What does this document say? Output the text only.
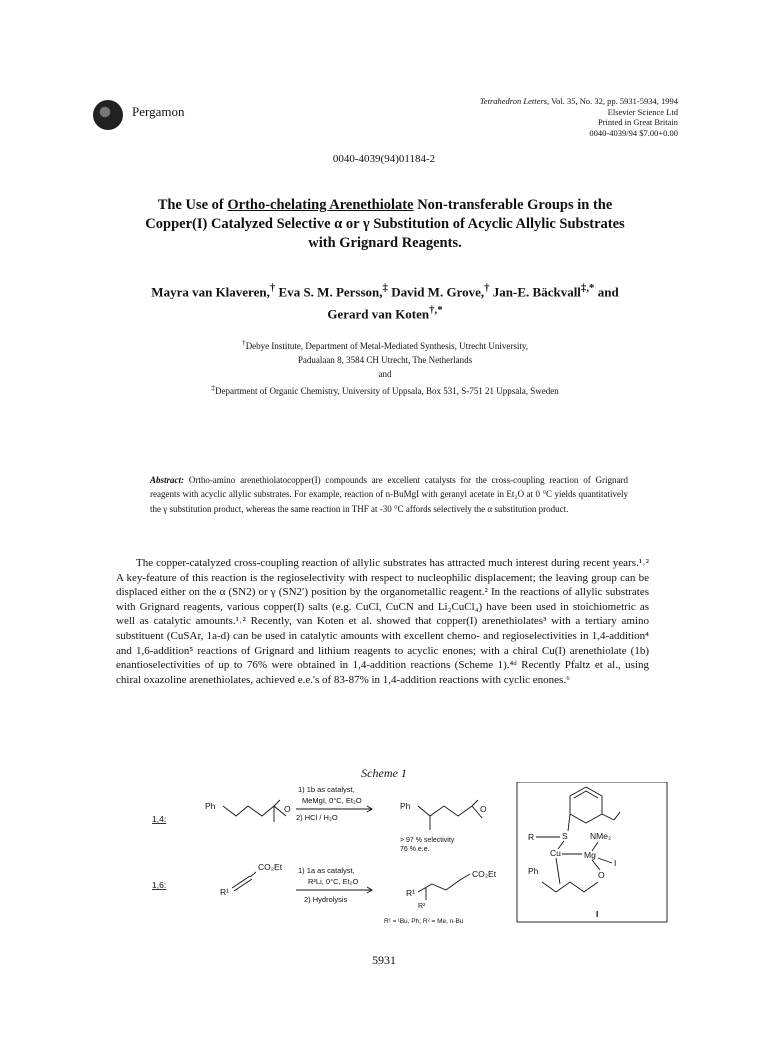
Pergamon
Tetrahedron Letters, Vol. 35, No. 32, pp. 5931-5934, 1994
Elsevier Science Ltd
Printed in Great Britain
0040-4039/94 $7.00+0.00
0040-4039(94)01184-2
The Use of Ortho-chelating Arenethiolate Non-transferable Groups in the
Copper(I) Catalyzed Selective α or γ Substitution of Acyclic Allylic Substrates
with Grignard Reagents.
Mayra van Klaveren,† Eva S. M. Persson,‡ David M. Grove,† Jan-E. Bäckvall‡,* and
Gerard van Koten†,*
†Debye Institute, Department of Metal-Mediated Synthesis, Utrecht University,
Padualaan 8, 3584 CH Utrecht, The Netherlands
and
‡Department of Organic Chemistry, University of Uppsala, Box 531, S-751 21 Uppsala, Sweden
Abstract: Ortho-amino arenethiolatocopper(I) compounds are excellent catalysts for the cross-coupling reaction of Grignard reagents with acyclic allylic substrates. For example, reaction of n-BuMgI with geranyl acetate in Et₂O at 0 °C yields quantitatively the γ substitution product, whereas the same reaction in THF at -30 °C affords selectively the α substitution product.

The copper-catalyzed cross-coupling reaction of allylic substrates has attracted much interest during recent years.¹˒² A key-feature of this reaction is the regioselectivity with respect to nucleophilic displacement; the leaving group can be displaced either on the α (SN2) or γ (SN2′) position by the organometallic reagent.² In the reactions of allylic substrates with Grignard reagents, various copper(I) salts (e.g. CuCl, CuCN and Li₂CuCl₄) have been used in stoichiometric as well as catalytic amounts.¹˒² Recently, van Koten et al. showed that copper(I) arenethiolates³ with a tertiary amino substituent (CuSAr, 1a-d) can be used in catalytic amounts with excellent chemo- and regioselectivities in 1,4-addition⁴ and 1,6-addition⁵ reactions of Grignard and lithium reagents to acyclic enones; with a chiral Cu(I) arenethiolate (1b) enantioselectivities of up to 76% were obtained in 1,4-addition reactions (Scheme 1).⁴ᵈ Recently Pfaltz et al., using chiral oxazoline arenethiolates, achieved e.e.'s of 83-87% in 1,4-addition reactions with cyclic enones.⁶

Scheme 1
1,4:
Ph	O
1) 1b as catalyst,
MeMgI, 0°C, Et₂O
2) HCl / H₂O
Ph	O
> 97 % selectivity
76 % e.e.
1,6:
R¹
CO₂Et 1) 1a as catalyst,
R²Li, 0°C, Et₂O
2) Hydrolysis
R¹
R²
CO₂Et
R¹ = ᵗBu, Ph; R² = Me, n-Bu
R	S	NMe₂
Cu	Mg
I
O
Ph
I
5931
